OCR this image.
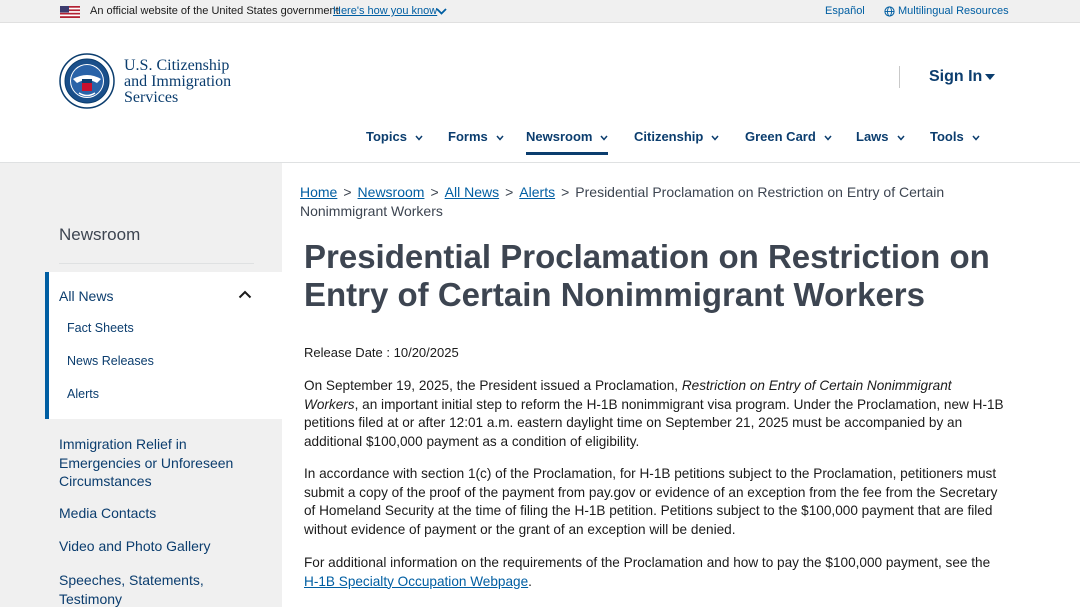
An official website of the United States government
Here's how you know	Español	Multilingual Resources
U.S. Citizenship
and Immigration
Services
Sign In
Topics	Forms	Newsroom	Citizenship	Green Card	Laws	Tools
Newsroom
All News
Fact Sheets
News Releases
Alerts
Immigration Relief in Emergencies or Unforeseen Circumstances
Media Contacts
Video and Photo Gallery
Speeches, Statements, Testimony
Home > Newsroom > All News > Alerts > Presidential Proclamation on Restriction on Entry of Certain Nonimmigrant Workers
Presidential Proclamation on Restriction on Entry of Certain Nonimmigrant Workers
Release Date : 10/20/2025

On September 19, 2025, the President issued a Proclamation, Restriction on Entry of Certain Nonimmigrant Workers, an important initial step to reform the H-1B nonimmigrant visa program. Under the Proclamation, new H-1B petitions filed at or after 12:01 a.m. eastern daylight time on September 21, 2025 must be accompanied by an additional $100,000 payment as a condition of eligibility.

In accordance with section 1(c) of the Proclamation, for H-1B petitions subject to the Proclamation, petitioners must submit a copy of the proof of the payment from pay.gov or evidence of an exception from the fee from the Secretary of Homeland Security at the time of filing the H-1B petition. Petitions subject to the $100,000 payment that are filed without evidence of payment or the grant of an exception will be denied.

For additional information on the requirements of the Proclamation and how to pay the $100,000 payment, see the H-1B Specialty Occupation Webpage.
